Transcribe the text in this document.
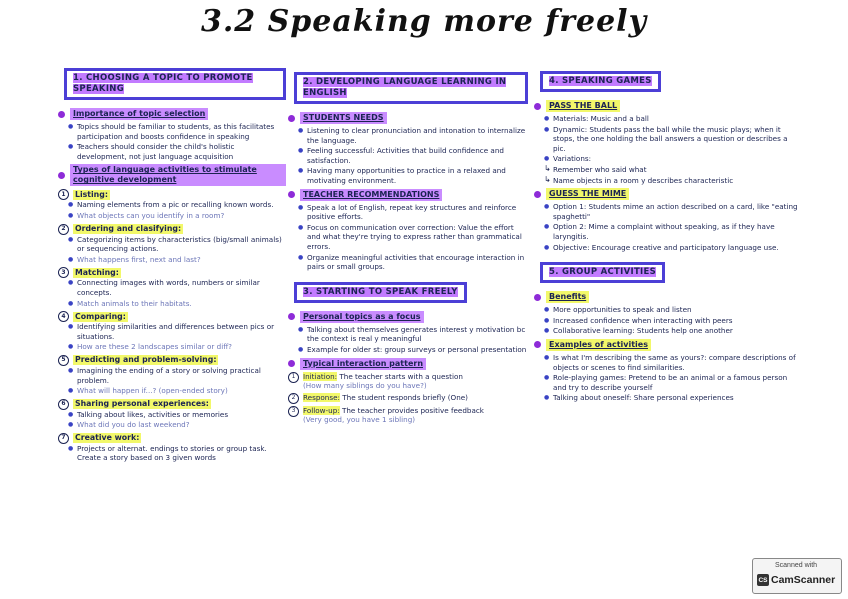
3.2 Speaking more freely
1. CHOOSING A TOPIC TO PROMOTE SPEAKING
Importance of topic selection
● Topics should be familiar to students, as this facilitates participation and boosts confidence in speaking
● Teachers should consider the child's holistic development, not just language acquisition
Types of language activities to stimulate cognitive development
1	Listing:
● Naming elements from a pic or recalling known words.
● What objects can you identify in a room?
2	Ordering and clasifying:
● Categorizing items by characteristics (big/small animals) or sequencing actions.
● What happens first, next and last?
3	Matching:
● Connecting images with words, numbers or similar concepts.
● Match animals to their habitats.
4	Comparing:
● Identifying similarities and differences between pics or situations.
● How are these 2 landscapes similar or diff?
5	Predicting and problem-solving:
● Imagining the ending of a story or solving practical problem.
● What will happen if...? (open-ended story)
6	Sharing personal experiences:
● Talking about likes, activities or memories
● What did you do last weekend?
7	Creative work:
● Projects or alternat. endings to stories or group task. Create a story based on 3 given words
2. DEVELOPING LANGUAGE LEARNING IN ENGLISH
STUDENTS NEEDS
● Listening to clear pronunciation and intonation to internalize the language.
● Feeling successful: Activities that build confidence and satisfaction.
● Having many opportunities to practice in a relaxed and motivating environment.
TEACHER RECOMMENDATIONS
● Speak a lot of English, repeat key structures and reinforce positive efforts.
● Focus on communication over correction: Value the effort and what they're trying to express rather than grammatical errors.
● Organize meaningful activities that encourage interaction in pairs or small groups.
3. STARTING TO SPEAK FREELY
Personal topics as a focus
● Talking about themselves generates interest y motivation bc the context is real y meaningful
● Example for older st: group surveys or personal presentation
Typical interaction pattern
1	Initiation: The teacher starts with a question
(How many siblings do you have?)
2	Response: The student responds briefly (One)
3	Follow-up: The teacher provides positive feedback
(Very good, you have 1 sibling)
4. SPEAKING GAMES
PASS THE BALL
● Materials: Music and a ball
● Dynamic: Students pass the ball while the music plays; when it stops, the one holding the ball answers a question or describes a pic.
● Variations:
↳ Remember who said what
↳ Name objects in a room y describes characteristic
GUESS THE MIME
● Option 1: Students mime an action described on a card, like "eating spaghetti"
● Option 2: Mime a complaint without speaking, as if they have laryngitis.
● Objective: Encourage creative and participatory language use.
5. GROUP ACTIVITIES
Benefits
● More opportunities to speak and listen
● Increased confidence when interacting with peers
● Collaborative learning: Students help one another
Examples of activities
● Is what I'm describing the same as yours?: compare descriptions of objects or scenes to find similarities.
● Role-playing games: Pretend to be an animal or a famous person and try to describe yourself
● Talking about oneself: Share personal experiences
Scanned with
CS CamScanner
